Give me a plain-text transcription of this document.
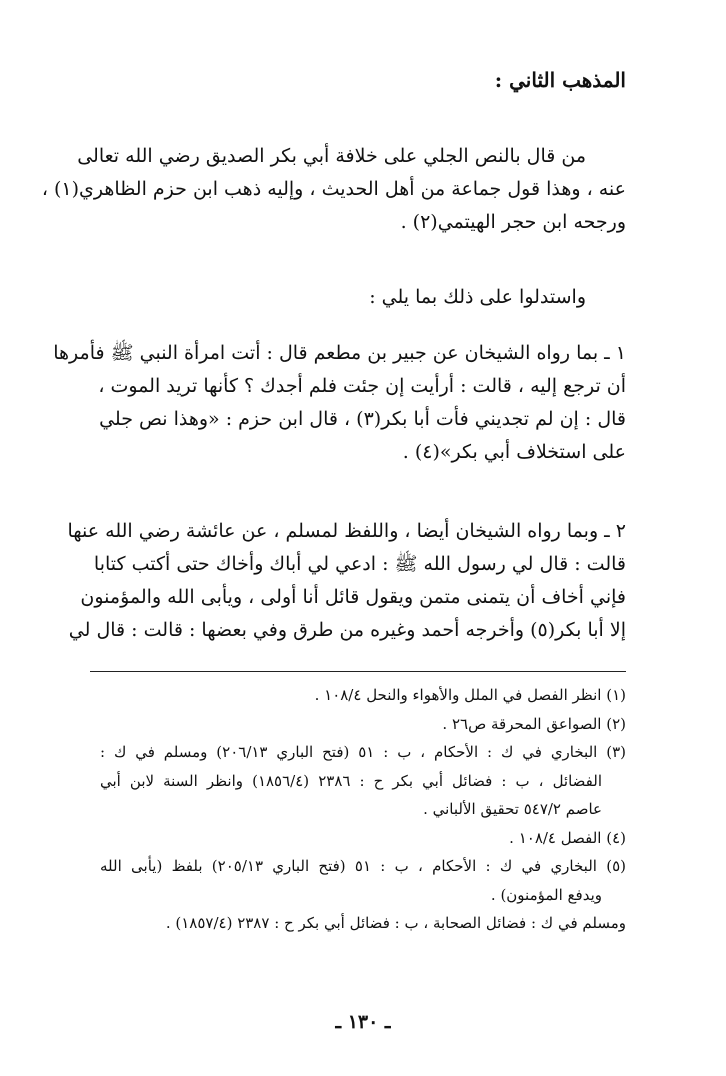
المذهب الثاني :
من قال بالنص الجلي على خلافة أبي بكر الصديق رضي الله تعالى
عنه ، وهذا قول جماعة من أهل الحديث ، وإليه ذهب ابن حزم الظاهري(١) ،
ورجحه ابن حجر الهيتمي(٢) .
واستدلوا على ذلك بما يلي :
١ ـ بما رواه الشيخان عن جبير بن مطعم قال : أتت امرأة النبي ﷺ فأمرها
أن ترجع إليه ، قالت : أرأيت إن جئت فلم أجدك ؟ كأنها تريد الموت ،
قال : إن لم تجديني فأت أبا بكر(٣) ، قال ابن حزم : «وهذا نص جلي
على استخلاف أبي بكر»(٤) .
٢ ـ وبما رواه الشيخان أيضا ، واللفظ لمسلم ، عن عائشة رضي الله عنها
قالت : قال لي رسول الله ﷺ : ادعي لي أباك وأخاك حتى أكتب كتابا
فإني أخاف أن يتمنى متمن ويقول قائل أنا أولى ، ويأبى الله والمؤمنون
إلا أبا بكر(٥) وأخرجه أحمد وغيره من طرق وفي بعضها : قالت : قال لي
(١) انظر الفصل في الملل والأهواء والنحل ١٠٨/٤ .
(٢) الصواعق المحرقة ص٢٦ .
(٣) البخاري في ك : الأحكام ، ب : ٥١ (فتح الباري ٢٠٦/١٣) ومسلم في ك :
الفضائل ، ب : فضائل أبي بكر ح : ٢٣٨٦ (١٨٥٦/٤) وانظر السنة لابن أبي
عاصم ٥٤٧/٢ تحقيق الألباني .
(٤) الفصل ١٠٨/٤ .
(٥) البخاري في ك : الأحكام ، ب : ٥١ (فتح الباري ٢٠٥/١٣) بلفظ (يأبى الله
ويدفع المؤمنون) .
ومسلم في ك : فضائل الصحابة ، ب : فضائل أبي بكر ح : ٢٣٨٧ (١٨٥٧/٤) .
ـ ١٣٠ ـ
